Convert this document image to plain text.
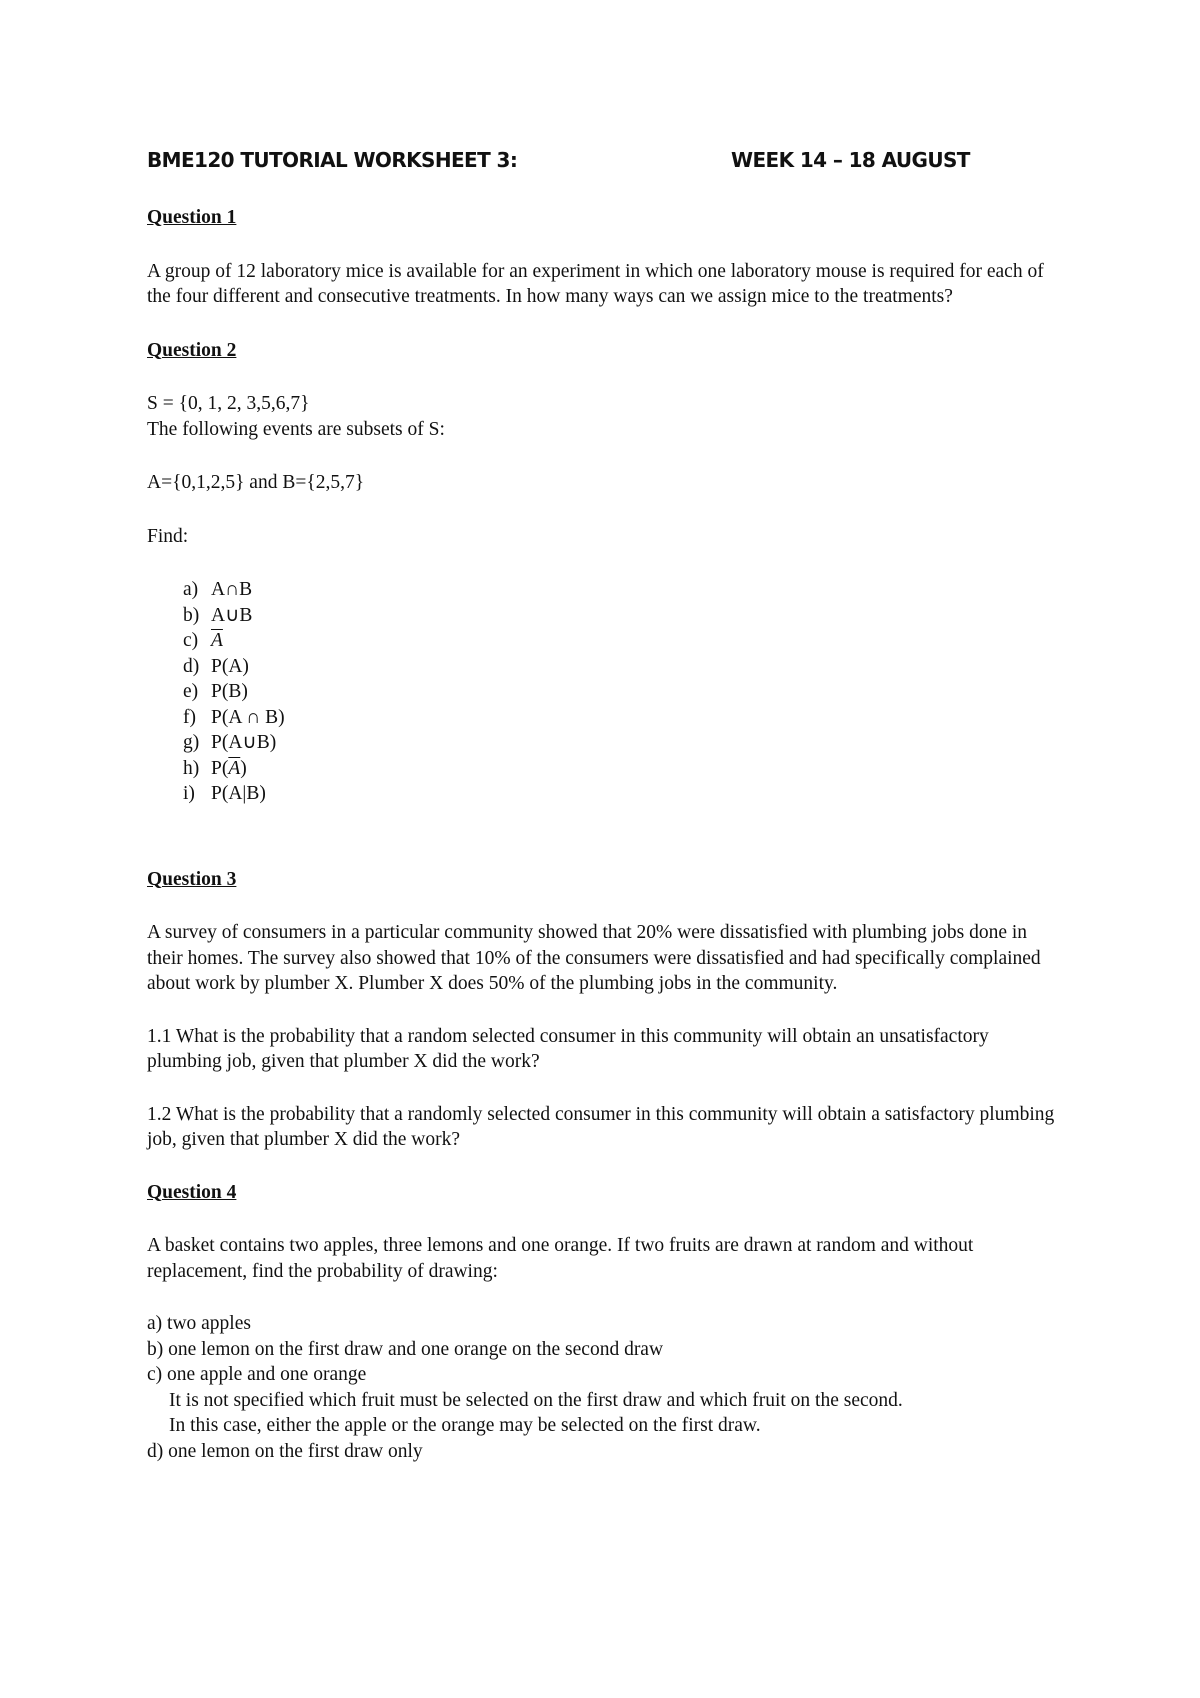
BME120 TUTORIAL WORKSHEET 3:	WEEK 14 – 18 AUGUST

Question 1

A group of 12 laboratory mice is available for an experiment in which one laboratory mouse is required for each of the four different and consecutive treatments. In how many ways can we assign mice to the treatments?

Question 2

S = {0, 1, 2, 3,5,6,7}

The following events are subsets of S:

A={0,1,2,5} and B={2,5,7}

Find:

a) A∩B
b) A∪B
c) $\overline{A}$
d) P(A)
e) P(B)
f) P(A ∩ B)
g) P(A∪B)
h) $P(\overline{A})$
i) P(A|B)

Question 3

A survey of consumers in a particular community showed that 20% were dissatisfied with plumbing jobs done in their homes. The survey also showed that 10% of the consumers were dissatisfied and had specifically complained about work by plumber X. Plumber X does 50% of the plumbing jobs in the community.

1.1 What is the probability that a random selected consumer in this community will obtain an unsatisfactory plumbing job, given that plumber X did the work?

1.2 What is the probability that a randomly selected consumer in this community will obtain a satisfactory plumbing job, given that plumber X did the work?

Question 4

A basket contains two apples, three lemons and one orange. If two fruits are drawn at random and without replacement, find the probability of drawing:

a) two apples

b) one lemon on the first draw and one orange on the second draw

c) one apple and one orange

It is not specified which fruit must be selected on the first draw and which fruit on the second.

In this case, either the apple or the orange may be selected on the first draw.

d) one lemon on the first draw only
